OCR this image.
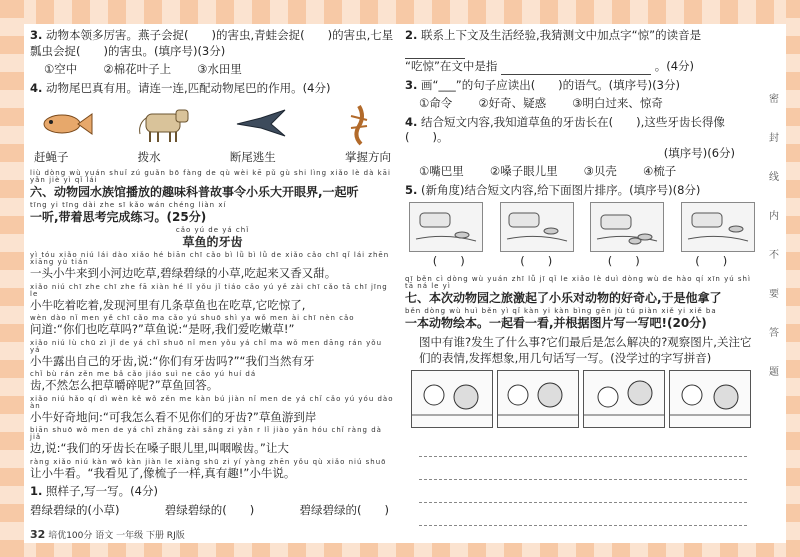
3. 动物本领多厉害。燕子会捉(　　)的害虫,青蛙会捉(　　)的害虫,七星瓢虫会捉(　　)的害虫。(填序号)(3分)
①空中 ②棉花叶子上 ③水田里
4. 动物尾巴真有用。请连一连,匹配动物尾巴的作用。(4分)
赶蝇子	拨水	断尾逃生	掌握方向
liù dòng wù yuán shuǐ zú guǎn bō fàng de qù wèi kē pǔ gù shi lìng xiǎo lè dà kāi yǎn jiè yì qǐ lái
六、动物园水族馆播放的趣味科普故事令小乐大开眼界,一起听
tīng yi tīng dài zhe sī kǎo wán chéng liàn xí
一听,带着思考完成练习。(25分)
cǎo yú de yá chǐ
草鱼的牙齿

yì tóu xiǎo niú lái dào xiǎo hé biān chī cǎo bì lǜ bì lǜ de xiǎo cǎo chī qǐ lái zhēn xiāng yù tián
一头小牛来到小河边吃草,碧绿碧绿的小草,吃起来又香又甜。

xiǎo niú chī zhe chī zhe fā xiàn hé lǐ yǒu jǐ tiáo cǎo yú yě zài chī cǎo tā chī jīng le
小牛吃着吃着,发现河里有几条草鱼也在吃草,它吃惊了,

wèn dào nǐ men yě chī cǎo ma cǎo yú shuō shì ya wǒ men ài chī nèn cǎo
问道:“你们也吃草吗?”草鱼说:“是呀,我们爱吃嫩草!”

xiǎo niú lù chū zì jǐ de yá chǐ shuō nǐ men yǒu yá chǐ ma wǒ men dāng rán yǒu yá
小牛露出自己的牙齿,说:“你们有牙齿吗?”“我们当然有牙

chǐ bù rán zěn me bǎ cǎo jiáo suì ne cǎo yú huí dá
齿,不然怎么把草嚼碎呢?”草鱼回答。

xiǎo niú hǎo qí dì wèn kě wǒ zěn me kàn bú jiàn nǐ men de yá chǐ cǎo yú yóu dào àn
小牛好奇地问:“可我怎么看不见你们的牙齿?”草鱼游到岸

biān shuō wǒ men de yá chǐ zhǎng zài sǎng zi yǎn r lǐ jiào yān hóu chǐ ràng dà jiǎ
边,说:“我们的牙齿长在嗓子眼儿里,叫咽喉齿。”让大

ràng xiǎo niú kàn wǒ kàn jiàn le xiàng shū zi yí yàng zhēn yǒu qù xiǎo niú shuō
让小牛看。“我看见了,像梳子一样,真有趣!”小牛说。

1. 照样子,写一写。(4分)
碧绿碧绿的(小草)	碧绿碧绿的(　　)	碧绿碧绿的(　　)
32 培优100分 语文 一年级 下册 RJ版
2. 联系上下文及生活经验,我猜测文中加点字“惊”的读音是
“吃惊”在文中是指	。(4分)
3. 画“___”的句子应读出(　　)的语气。(填序号)(3分)
①命令 ②好奇、疑惑 ③明白过来、惊奇
4. 结合短文内容,我知道草鱼的牙齿长在(　　),这些牙齿长得像(　　)。
(填序号)(6分)
①嘴巴里 ②嗓子眼儿里 ③贝壳 ④梳子
5. (新角度)结合短文内容,给下面图片排序。(填序号)(8分)
(　　)	(　　)	(　　)	(　　)
qī běn cì dòng wù yuán zhī lǚ jī qǐ le xiǎo lè duì dòng wù de hào qí xīn yú shì tā ná le yì
七、本次动物园之旅激起了小乐对动物的好奇心,于是他拿了
běn dòng wù huì běn yì qǐ kàn yi kàn bìng gēn jù tú piàn xiě yi xiě ba
一本动物绘本。一起看一看,并根据图片写一写吧!(20分)
图中有谁?发生了什么事?它们最后是怎么解决的?观察图片,关注它们的表情,发挥想象,用几句话写一写。(没学过的字写拼音)
密
封
线
内
不
要
答
题
